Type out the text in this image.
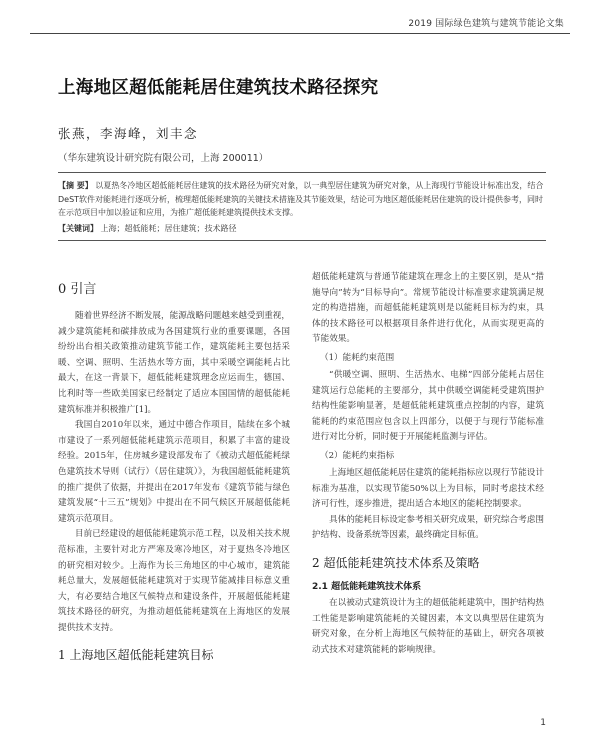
2019 国际绿色建筑与建筑节能论文集
上海地区超低能耗居住建筑技术路径探究
张燕，李海峰，刘丰念
（华东建筑设计研究院有限公司，上海 200011）
【摘 要】 以夏热冬冷地区超低能耗居住建筑的技术路径为研究对象，以一典型居住建筑为研究对象，从上海现行节能设计标准出发，结合DeST软件对能耗进行逐项分析，梳理超低能耗建筑的关键技术措施及其节能效果，结论可为地区超低能耗居住建筑的设计提供参考，同时在示范项目中加以验证和应用，为推广超低能耗建筑提供技术支撑。
【关键词】 上海；超低能耗；居住建筑；技术路径
0 引言

随着世界经济不断发展，能源战略问题越来越受到重视，减少建筑能耗和碳排放成为各国建筑行业的重要课题，各国纷纷出台相关政策推动建筑节能工作，建筑能耗主要包括采暖、空调、照明、生活热水等方面，其中采暖空调能耗占比最大，在这一背景下，超低能耗建筑理念应运而生，德国、比利时等一些欧美国家已经制定了适应本国国情的超低能耗建筑标准并积极推广[1]。

我国自2010年以来，通过中德合作项目，陆续在多个城市建设了一系列超低能耗建筑示范项目，积累了丰富的建设经验。2015年，住房城乡建设部发布了《被动式超低能耗绿色建筑技术导则（试行）（居住建筑）》，为我国超低能耗建筑的推广提供了依据，并提出在2017年发布《建筑节能与绿色建筑发展“十三五”规划》中提出在不同气候区开展超低能耗建筑示范项目。

目前已经建设的超低能耗建筑示范工程，以及相关技术规范标准，主要针对北方严寒及寒冷地区，对于夏热冬冷地区的研究相对较少。上海作为长三角地区的中心城市，建筑能耗总量大，发展超低能耗建筑对于实现节能减排目标意义重大，有必要结合地区气候特点和建设条件，开展超低能耗建筑技术路径的研究，为推动超低能耗建筑在上海地区的发展提供技术支持。

1 上海地区超低能耗建筑目标

超低能耗建筑与普通节能建筑在理念上的主要区别，是从“措施导向”转为“目标导向”。常规节能设计标准要求建筑满足规定的构造措施，而超低能耗建筑则是以能耗目标为约束，具体的技术路径可以根据项目条件进行优化，从而实现更高的节能效果。

（1）能耗约束范围

“供暖空调、照明、生活热水、电梯”四部分能耗占居住建筑运行总能耗的主要部分，其中供暖空调能耗受建筑围护结构性能影响显著，是超低能耗建筑重点控制的内容，建筑能耗的约束范围应包含以上四部分，以便于与现行节能标准进行对比分析，同时便于开展能耗监测与评估。

（2）能耗约束指标

上海地区超低能耗居住建筑的能耗指标应以现行节能设计标准为基准，以实现节能50%以上为目标，同时考虑技术经济可行性，逐步推进，提出适合本地区的能耗控制要求。

具体的能耗目标设定参考相关研究成果，研究综合考虑围护结构、设备系统等因素，最终确定目标值。

2 超低能耗建筑技术体系及策略
2.1 超低能耗建筑技术体系

在以被动式建筑设计为主的超低能耗建筑中，围护结构热工性能是影响建筑能耗的关键因素，本文以典型居住建筑为研究对象，在分析上海地区气候特征的基础上，研究各项被动式技术对建筑能耗的影响规律。

1
